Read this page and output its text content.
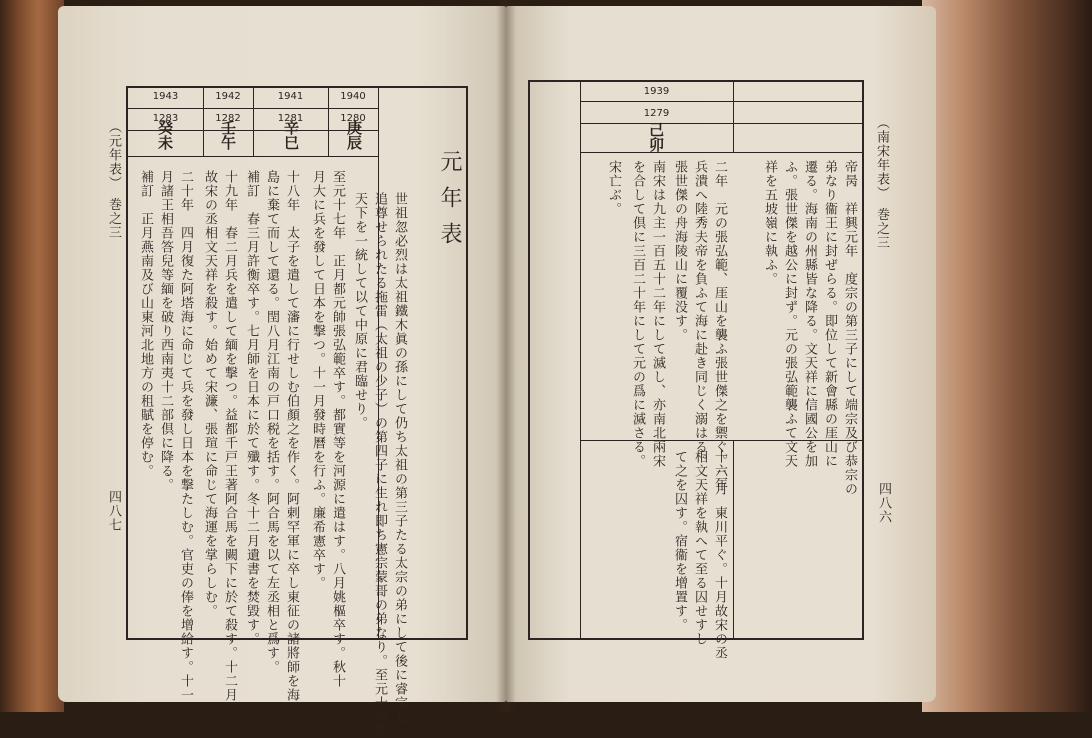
（元年表）　巻之三
四八七
1940
1280
庚辰
1941
1281
辛巳
1942
1282
壬午
1943
1283
癸未
元年表
世祖忽必烈は太祖鐵木眞の孫にして仍ち太祖の第三子たる太宗の弟にして後に睿宗と
追尊せられたる拖雷（太祖の少子）の第四子に生れ即ち憲宗蒙哥の弟なり。至元十六年
天下を一統して以て中原に君臨せり。
至元十七年　正月都元帥張弘範卒す。都實等を河源に遣はす。八月姚樞卒す。秋十
月大に兵を發して日本を撃つ。十一月發時曆を行ふ。廉希憲卒す。
十八年　太子を遣して瀋に行せしむ伯顏之を作く。阿剌罕軍に卒し東征の諸將師を海
島に棄て而して還る。閏八月江南の戸口税を括す。阿合馬を以て左丞相と爲す。
補訂　春三月許衡卒す。七月師を日本に於て殲す。冬十二月遺書を焚毀す。
十九年　春二月兵を遣して緬を撃つ。益都千戸王著阿合馬を闕下に於て殺す。十二月
故宋の丞相文天祥を殺す。始めて宋濂、張瑄に命じて海運を掌らしむ。
二十年　四月復た阿塔海に命じて兵を發し日本を撃たしむ。官吏の俸を增給す。十一
月諸王相吾答兒等緬を破り西南夷十二部倶に降る。
補訂　正月燕南及び山東河北地方の租賦を停む。	（南宋年表）　巻之三
四八六
1939
1279
己卯
帝昺　祥興元年　度宗の第三子にして端宗及び恭宗の
弟なり衞王に封ぜらる。即位して新會縣の厓山に
遷る。海南の州縣皆な降る。文天祥に信國公を加
ふ。張世傑を越公に封ず。元の張弘範襲ふて文天
祥を五坡嶺に執ふ。
二年　元の張弘範、厓山を襲ふ張世傑之を禦ぐ。二月
兵潰へ陸秀夫帝を負ふて海に赴き同じく溺はる。
張世傑の舟海陵山に覆没す。
南宋は九主一百五十二年にして滅し、亦南北兩宋
を合して倶に三百二十年にして元の爲に滅さる。
宋亡ぶ。
十六年　東川平ぐ。十月故宋の丞
相文天祥を執へて至る囚せすし
て之を囚す。宿衞を增置す。
